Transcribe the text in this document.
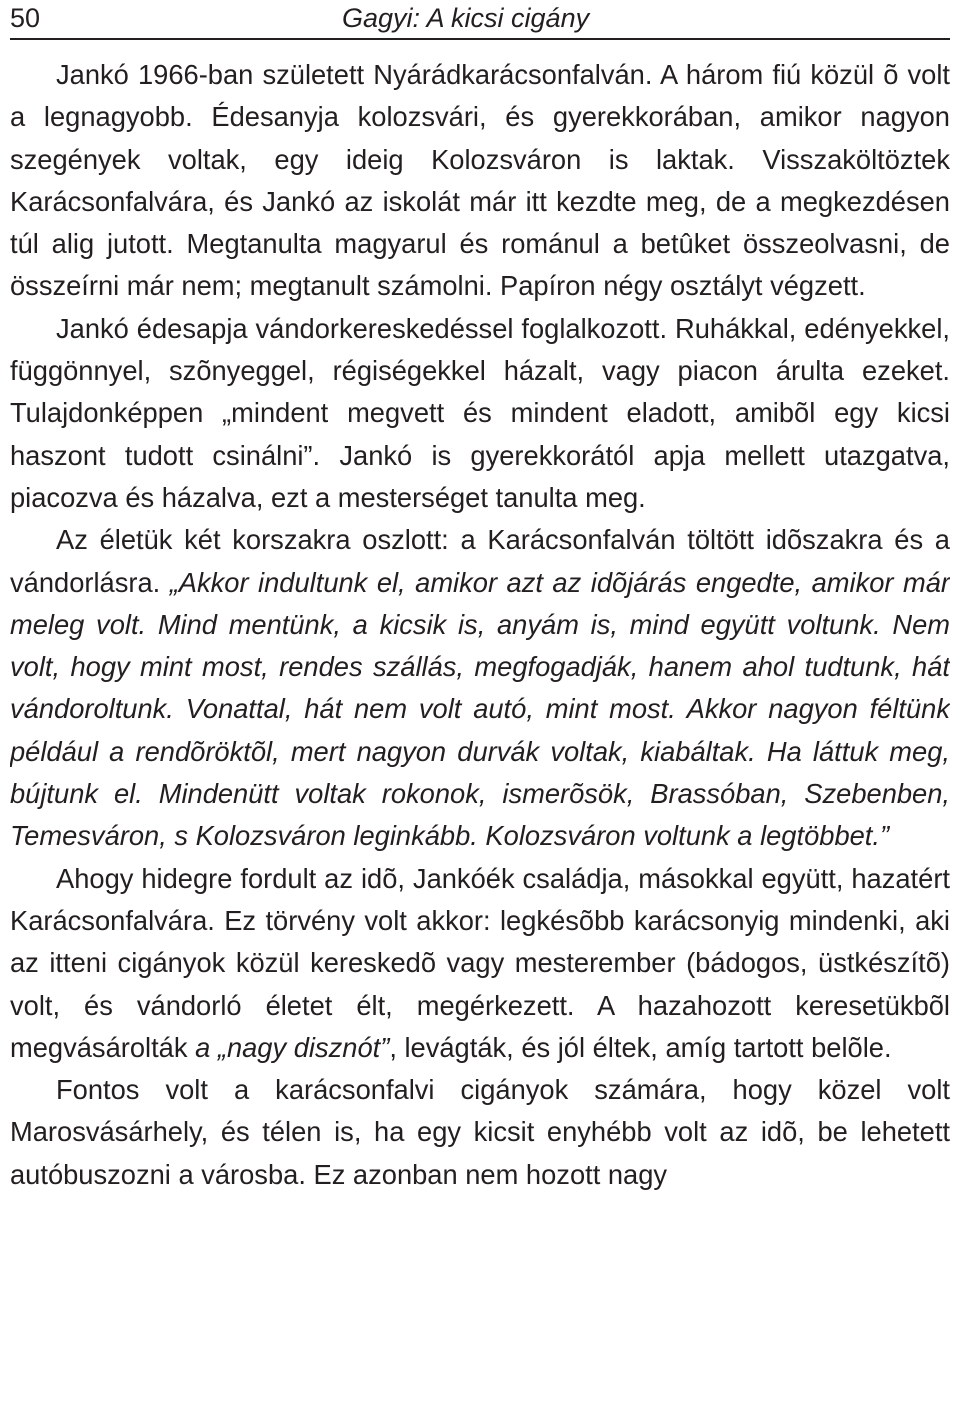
50	Gagyi: A kicsi cigány

Jankó 1966-ban született Nyárádkarácsonfalván. A három fiú közül õ volt a legnagyobb. Édesanyja kolozsvári, és gyerekkorában, amikor nagyon szegények voltak, egy ideig Kolozsváron is laktak. Visszaköltöztek Karácsonfalvára, és Jankó az iskolát már itt kezdte meg, de a megkezdésen túl alig jutott. Megtanulta magyarul és románul a betûket összeolvasni, de összeírni már nem; megtanult számolni. Papíron négy osztályt végzett.

Jankó édesapja vándorkereskedéssel foglalkozott. Ruhákkal, edényekkel, függönnyel, szõnyeggel, régiségekkel házalt, vagy piacon árulta ezeket. Tulajdonképpen „mindent megvett és mindent eladott, amibõl egy kicsi haszont tudott csinálni”. Jankó is gyerekkorától apja mellett utazgatva, piacozva és házalva, ezt a mesterséget tanulta meg.

Az életük két korszakra oszlott: a Karácsonfalván töltött idõszakra és a vándorlásra. „Akkor indultunk el, amikor azt az idõjárás engedte, amikor már meleg volt. Mind mentünk, a kicsik is, anyám is, mind együtt voltunk. Nem volt, hogy mint most, rendes szállás, megfogadják, hanem ahol tudtunk, hát vándoroltunk. Vonattal, hát nem volt autó, mint most. Akkor nagyon féltünk például a rendõröktõl, mert nagyon durvák voltak, kiabáltak. Ha láttuk meg, bújtunk el. Mindenütt voltak rokonok, ismerõsök, Brassóban, Szebenben, Temesváron, s Kolozsváron leginkább. Kolozsváron voltunk a legtöbbet.”

Ahogy hidegre fordult az idõ, Jankóék családja, másokkal együtt, hazatért Karácsonfalvára. Ez törvény volt akkor: legkésõbb karácsonyig mindenki, aki az itteni cigányok közül kereskedõ vagy mesterember (bádogos, üstkészítõ) volt, és vándorló életet élt, megérkezett. A hazahozott keresetükbõl megvásárolták a „nagy disznót”, levágták, és jól éltek, amíg tartott belõle.

Fontos volt a karácsonfalvi cigányok számára, hogy közel volt Marosvásárhely, és télen is, ha egy kicsit enyhébb volt az idõ, be lehetett autóbuszozni a városba. Ez azonban nem hozott nagy
